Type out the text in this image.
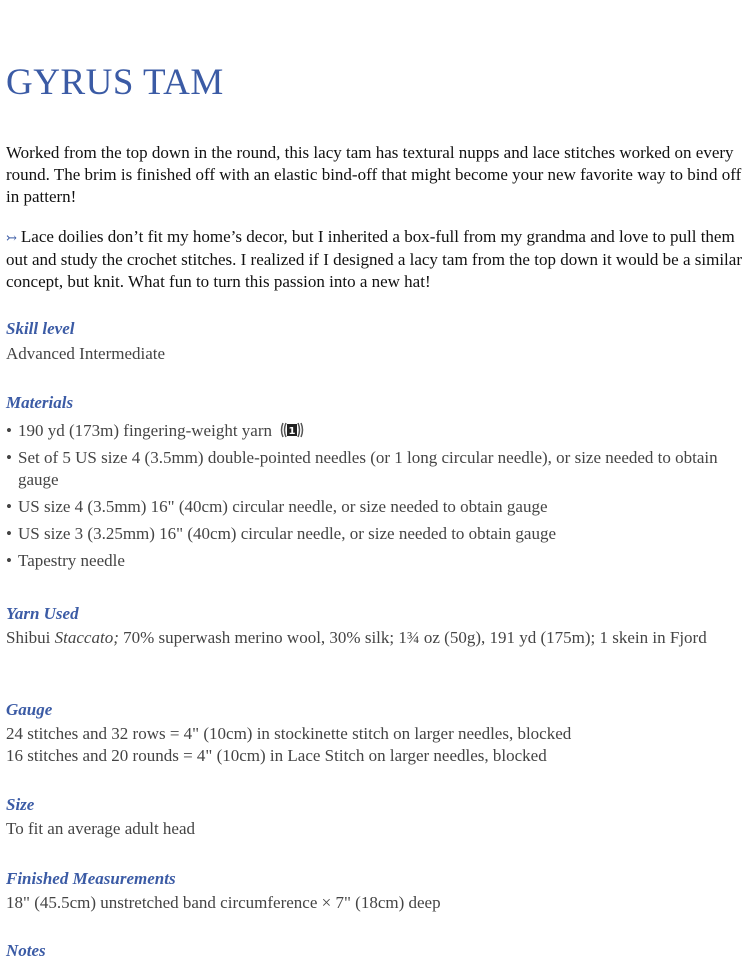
GYRUS TAM

Worked from the top down in the round, this lacy tam has textural nupps and lace stitches worked on every round. The brim is finished off with an elastic bind-off that might become your new favorite way to bind off in pattern!

↣ Lace doilies don’t fit my home’s decor, but I inherited a box-full from my grandma and love to pull them out and study the crochet stitches. I realized if I designed a lacy tam from the top down it would be a similar concept, but knit. What fun to turn this passion into a new hat!

Skill level

Advanced Intermediate

Materials
• 190 yd (173m) fingering-weight yarn 1
• Set of 5 US size 4 (3.5mm) double-pointed needles (or 1 long circular needle), or size needed to obtain gauge
• US size 4 (3.5mm) 16" (40cm) circular needle, or size needed to obtain gauge
• US size 3 (3.25mm) 16" (40cm) circular needle, or size needed to obtain gauge
• Tapestry needle
Yarn Used

Shibui Staccato; 70% superwash merino wool, 30% silk; 1¾ oz (50g), 191 yd (175m); 1 skein in Fjord

Gauge

24 stitches and 32 rows = 4" (10cm) in stockinette stitch on larger needles, blocked

16 stitches and 20 rounds = 4" (10cm) in Lace Stitch on larger needles, blocked

Size

To fit an average adult head

Finished Measurements

18" (45.5cm) unstretched band circumference × 7" (18cm) deep

Notes
